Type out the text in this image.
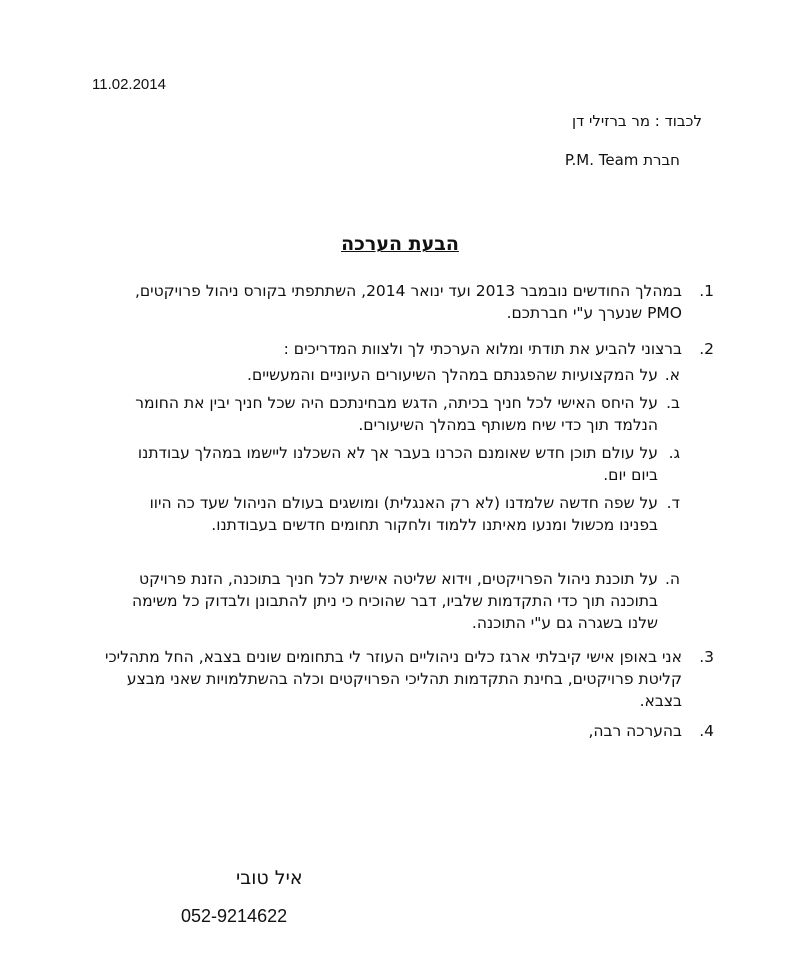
11.02.2014
לכבוד : מר ברזילי דן
חברת P.M. Team
הבעת הערכה
1.
במהלך החודשים נובמבר 2013 ועד ינואר 2014, השתתפתי בקורס ניהול פרויקטים, PMO שנערך ע"י חברתכם.
2.
ברצוני להביע את תודתי ומלוא הערכתי לך ולצוות המדריכים :
א.
על המקצועיות שהפגנתם במהלך השיעורים העיוניים והמעשיים.
ב.
על היחס האישי לכל חניך בכיתה, הדגש מבחינתכם היה שכל חניך יבין את החומר הנלמד תוך כדי שיח משותף במהלך השיעורים.
ג.
על עולם תוכן חדש שאומנם הכרנו בעבר אך לא השכלנו ליישמו במהלך עבודתנו ביום יום.
ד.
על שפה חדשה שלמדנו (לא רק האנגלית) ומושגים בעולם הניהול שעד כה היוו בפנינו מכשול ומנעו מאיתנו ללמוד ולחקור תחומים חדשים בעבודתנו.
ה.
על תוכנת ניהול הפרויקטים, וידוא שליטה אישית לכל חניך בתוכנה, הזנת פרויקט בתוכנה תוך כדי התקדמות שלביו, דבר שהוכיח כי ניתן להתבונן ולבדוק כל משימה שלנו בשגרה גם ע"י התוכנה.
3.
אני באופן אישי קיבלתי ארגז כלים ניהוליים העוזר לי בתחומים שונים בצבא, החל מתהליכי קליטת פרויקטים, בחינת התקדמות תהליכי הפרויקטים וכלה בהשתלמויות שאני מבצע בצבא.
4.
בהערכה רבה,
איל טובי
052-9214622
